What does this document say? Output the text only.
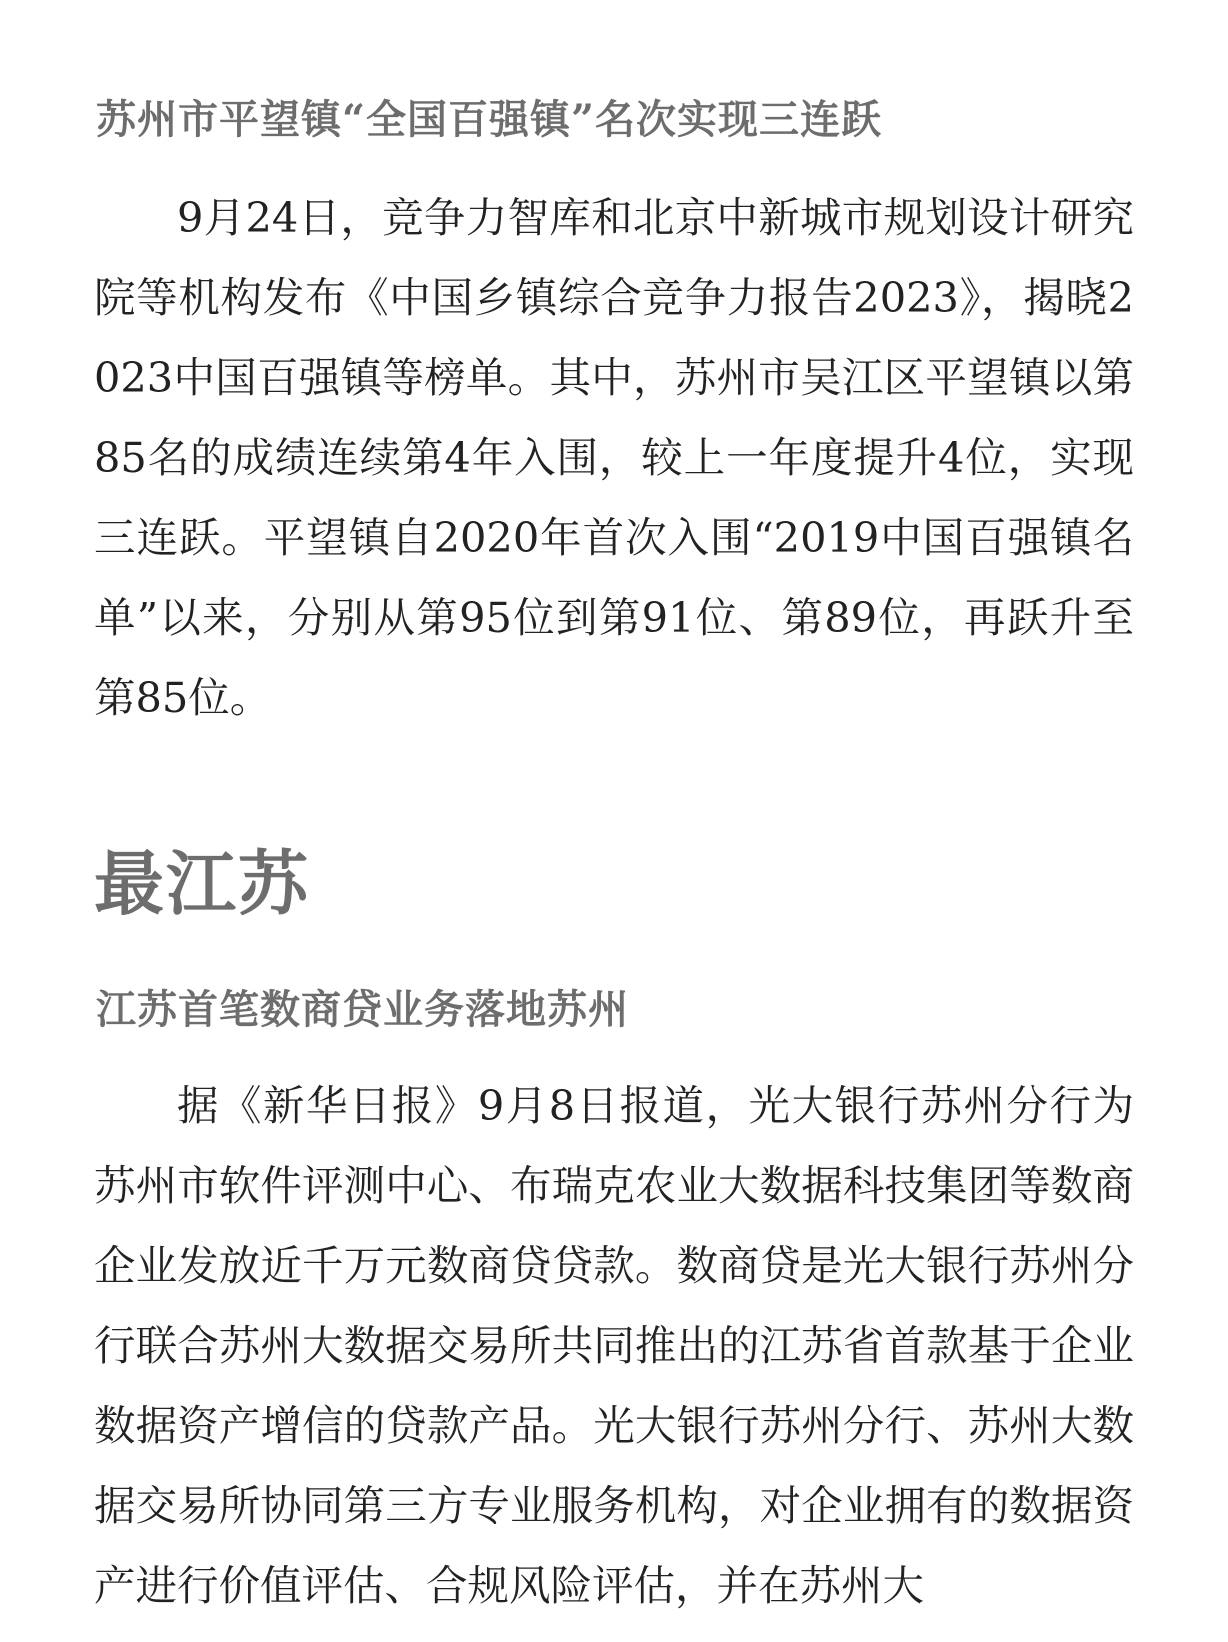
苏州市平望镇“全国百强镇”名次实现三连跃

9月24日，竞争力智库和北京中新城市规划设计研究院等机构发布《中国乡镇综合竞争力报告2023》，揭晓2023中国百强镇等榜单。其中，苏州市吴江区平望镇以第85名的成绩连续第4年入围，较上一年度提升4位，实现三连跃。平望镇自2020年首次入围“2019中国百强镇名单”以来，分别从第95位到第91位、第89位，再跃升至第85位。

最江苏
江苏首笔数商贷业务落地苏州

据《新华日报》9月8日报道，光大银行苏州分行为苏州市软件评测中心、布瑞克农业大数据科技集团等数商企业发放近千万元数商贷贷款。数商贷是光大银行苏州分行联合苏州大数据交易所共同推出的江苏省首款基于企业数据资产增信的贷款产品。光大银行苏州分行、苏州大数据交易所协同第三方专业服务机构，对企业拥有的数据资产进行价值评估、合规风险评估，并在苏州大
